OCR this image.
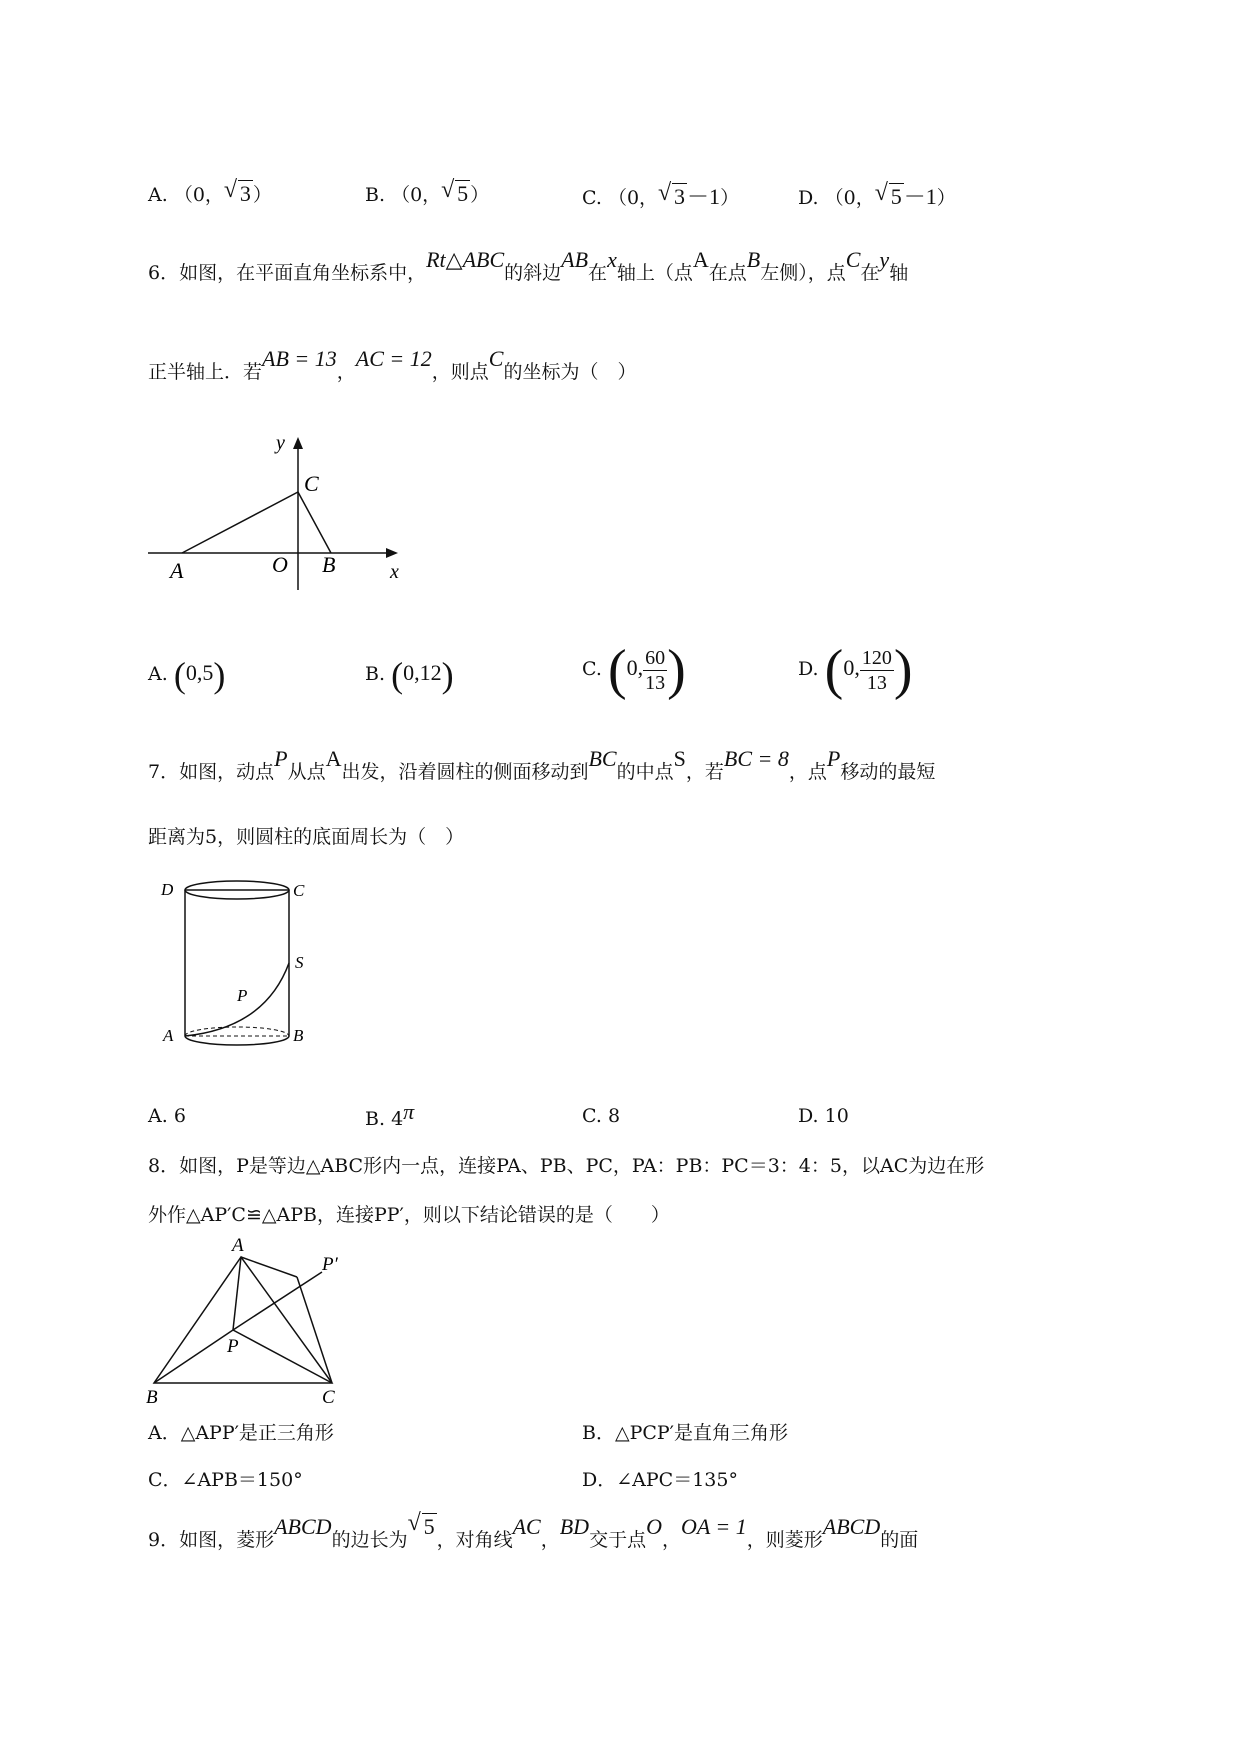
A. （0， √ 3 ）	B. （0， √ 5 ）	C. （0， √ 3－1）	D. （0， √ 5－1）
6．如图，在平面直角坐标系中，Rt△ABC的斜边AB在x轴上（点A在点B左侧），点C在y轴
正半轴上．若AB = 13，AC = 12，则点C的坐标为（　）
y
C
A	O B	x
A. (0,5)	B. (0,12)	C. (0, $\frac{60}{13}$ )	D. (0, $\frac{120}{13}$ )
7．如图，动点P从点A出发，沿着圆柱的侧面移动到BC的中点S，若BC = 8，点P移动的最短
距离为5，则圆柱的底面周长为（　）
D	C
S
P
A	B
A. 6	B. 4π	C. 8	D. 10
8．如图，P是等边△ABC形内一点，连接PA、PB、PC，PA：PB：PC＝3：4：5，以AC为边在形
外作△AP′C≌△APB，连接PP′，则以下结论错误的是（　　）
A
P′
P
B	C
A．△APP′是正三角形	B．△PCP′是直角三角形
C．∠APB＝150°	D．∠APC＝135°
9．如图，菱形ABCD的边长为√ 5，对角线AC，BD交于点O，OA = 1，则菱形ABCD的面
